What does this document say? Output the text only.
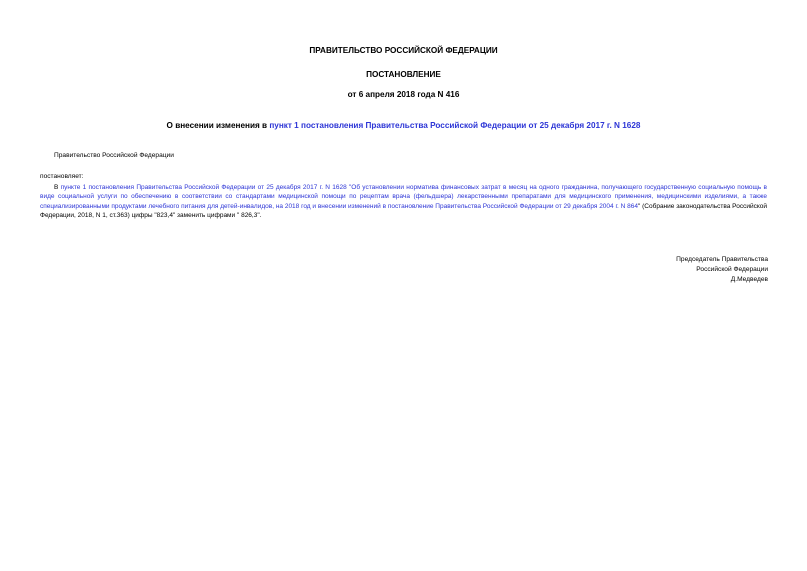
ПРАВИТЕЛЬСТВО РОССИЙСКОЙ ФЕДЕРАЦИИ
ПОСТАНОВЛЕНИЕ
от 6 апреля 2018 года N 416
О внесении изменения в пункт 1 постановления Правительства Российской Федерации от 25 декабря 2017 г. N 1628
Правительство Российской Федерации
постановляет:

В пункте 1 постановления Правительства Российской Федерации от 25 декабря 2017 г. N 1628 "Об установлении норматива финансовых затрат в месяц на одного гражданина, получающего государственную социальную помощь в виде социальной услуги по обеспечению в соответствии со стандартами медицинской помощи по рецептам врача (фельдшера) лекарственными препаратами для медицинского применения, медицинскими изделиями, а также специализированными продуктами лечебного питания для детей-инвалидов, на 2018 год и внесении изменений в постановление Правительства Российской Федерации от 29 декабря 2004 г. N 864" (Собрание законодательства Российской Федерации, 2018, N 1, ст.363) цифры "823,4" заменить цифрами " 826,3".

Председатель Правительства
Российской Федерации
Д.Медведев
